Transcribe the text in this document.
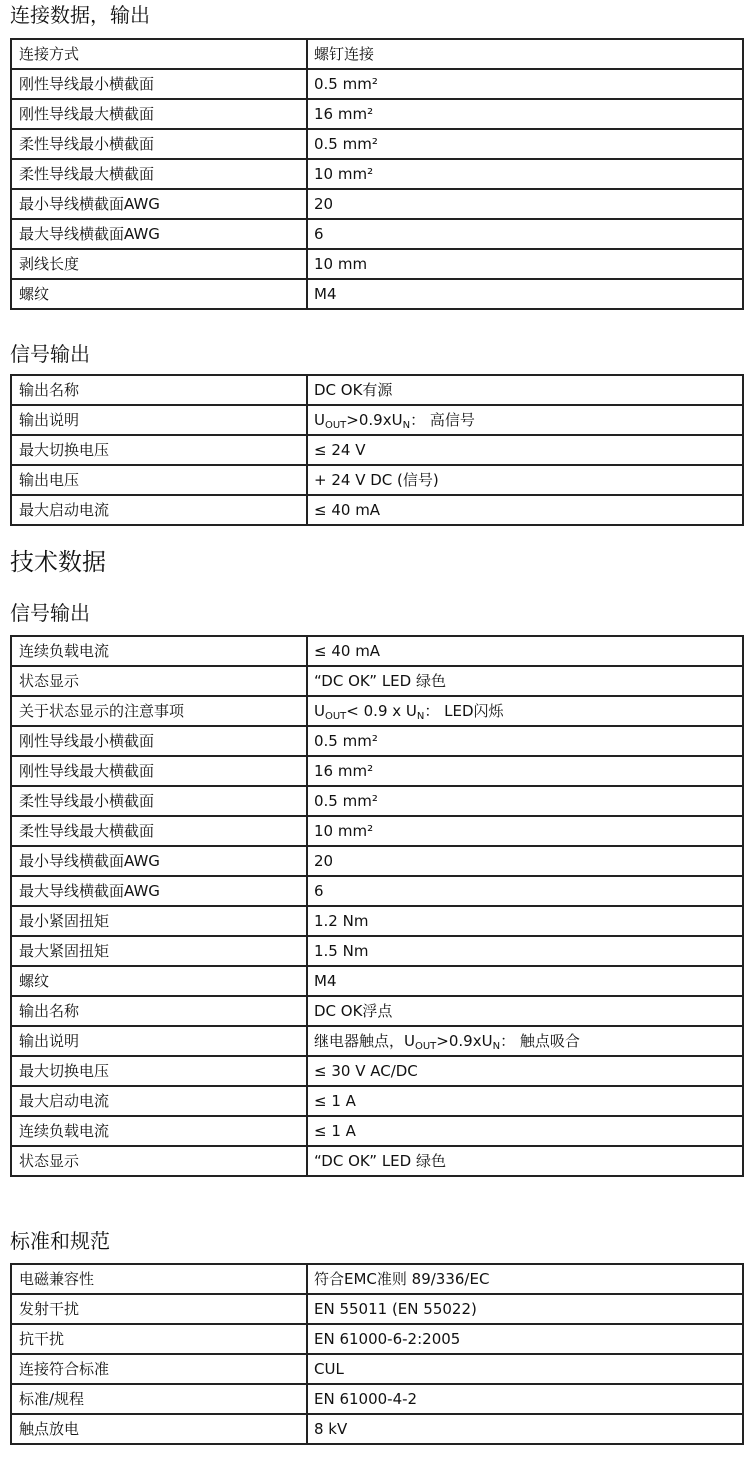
连接数据，输出
连接方式	螺钉连接
刚性导线最小横截面	0.5 mm²
刚性导线最大横截面	16 mm²
柔性导线最小横截面	0.5 mm²
柔性导线最大横截面	10 mm²
最小导线横截面AWG	20
最大导线横截面AWG	6
剥线长度	10 mm
螺纹	M4
信号输出
输出名称	DC OK有源
输出说明	$U_{OUT}>0.9xU_N$： 高信号
最大切换电压	≤ 24 V
输出电压	+ 24 V DC (信号)
最大启动电流	≤ 40 mA
技术数据
信号输出
连续负载电流	≤ 40 mA
状态显示	“DC OK” LED 绿色
关于状态显示的注意事项	$U_{OUT}< 0.9$ x $U_N$： LED闪烁
刚性导线最小横截面	0.5 mm²
刚性导线最大横截面	16 mm²
柔性导线最小横截面	0.5 mm²
柔性导线最大横截面	10 mm²
最小导线横截面AWG	20
最大导线横截面AWG	6
最小紧固扭矩	1.2 Nm
最大紧固扭矩	1.5 Nm
螺纹	M4
输出名称	DC OK浮点
输出说明	继电器触点，$U_{OUT}>0.9xU_N$： 触点吸合
最大切换电压	≤ 30 V AC/DC
最大启动电流	≤ 1 A
连续负载电流	≤ 1 A
状态显示	“DC OK” LED 绿色
标准和规范
电磁兼容性	符合EMC准则 89/336/EC
发射干扰	EN 55011 (EN 55022)
抗干扰	EN 61000-6-2:2005
连接符合标准	CUL
标准/规程	EN 61000-4-2
触点放电	8 kV
